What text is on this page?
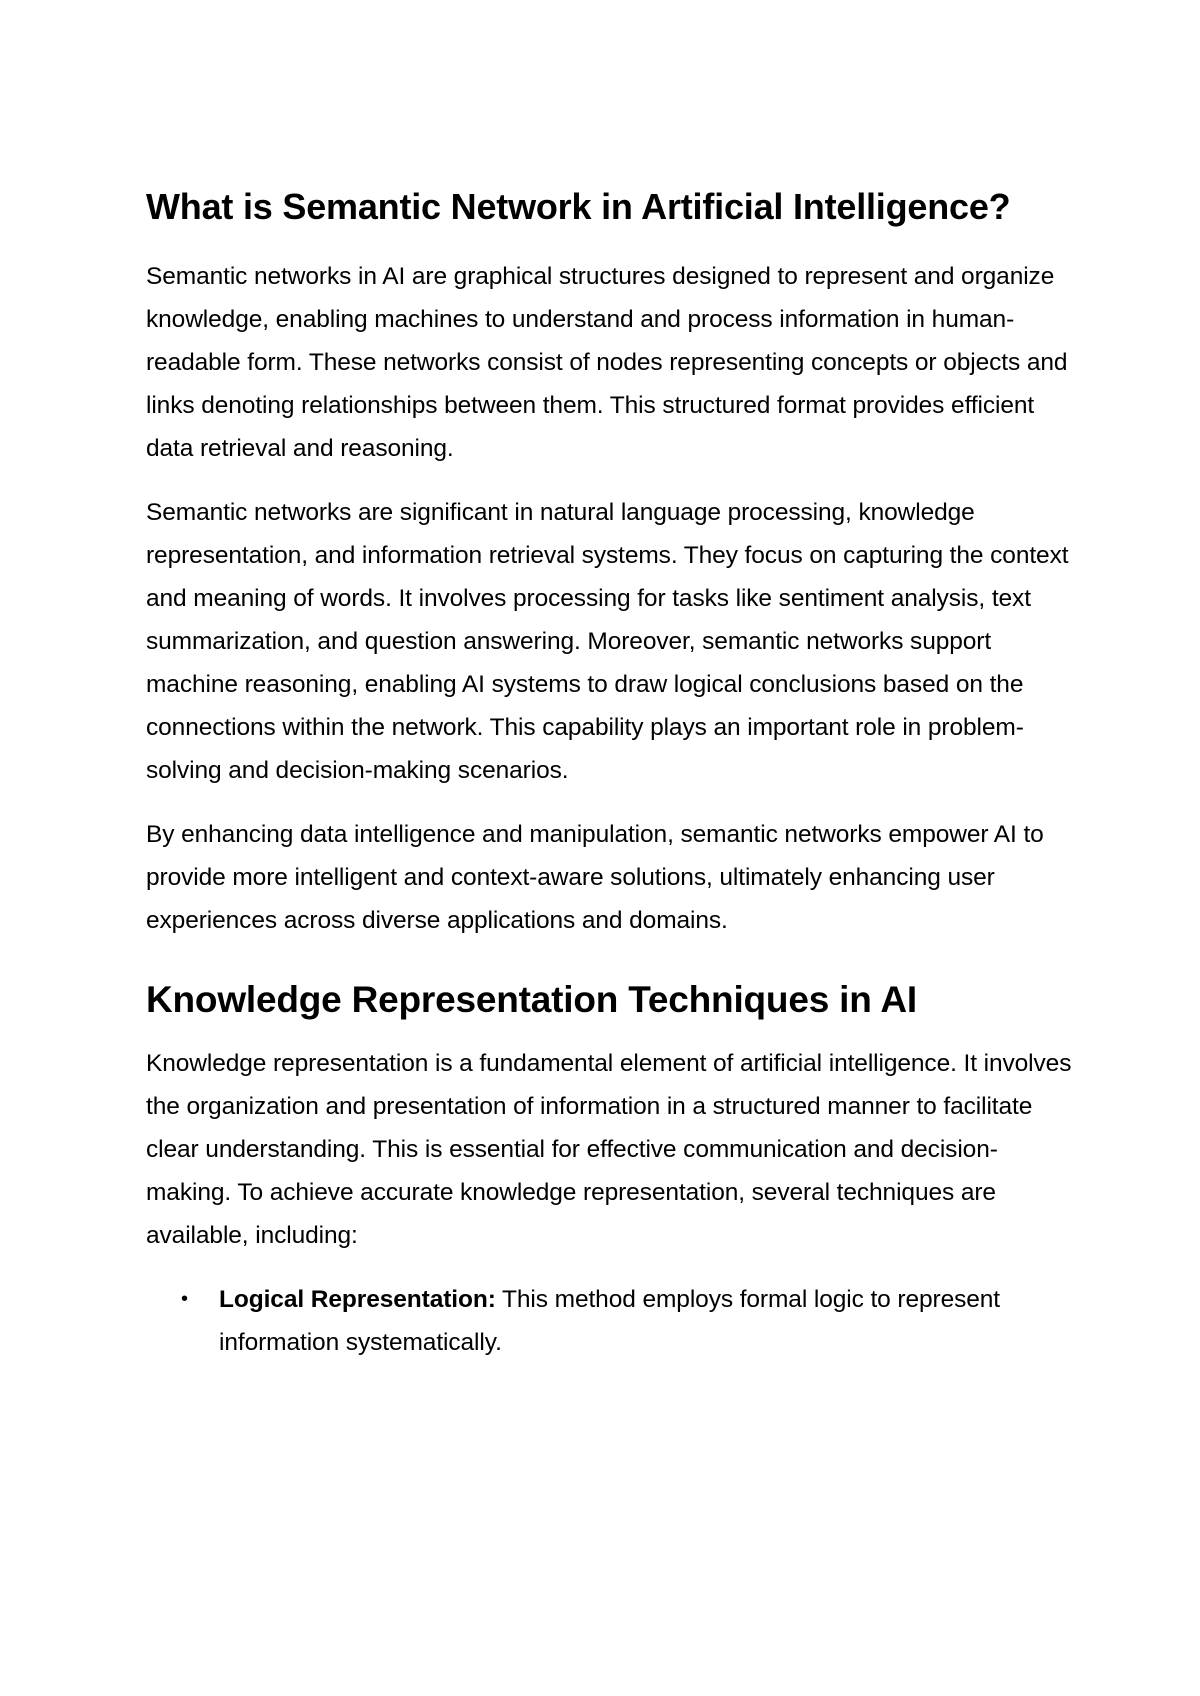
What is Semantic Network in Artificial Intelligence?

Semantic networks in AI are graphical structures designed to represent and organize knowledge, enabling machines to understand and process information in human-readable form. These networks consist of nodes representing concepts or objects and links denoting relationships between them. This structured format provides efficient data retrieval and reasoning.

Semantic networks are significant in natural language processing, knowledge representation, and information retrieval systems. They focus on capturing the context and meaning of words. It involves processing for tasks like sentiment analysis, text summarization, and question answering. Moreover, semantic networks support machine reasoning, enabling AI systems to draw logical conclusions based on the connections within the network. This capability plays an important role in problem-solving and decision-making scenarios.

By enhancing data intelligence and manipulation, semantic networks empower AI to provide more intelligent and context-aware solutions, ultimately enhancing user experiences across diverse applications and domains.

Knowledge Representation Techniques in AI

Knowledge representation is a fundamental element of artificial intelligence. It involves the organization and presentation of information in a structured manner to facilitate clear understanding. This is essential for effective communication and decision-making. To achieve accurate knowledge representation, several techniques are available, including:

• Logical Representation: This method employs formal logic to represent information systematically.
